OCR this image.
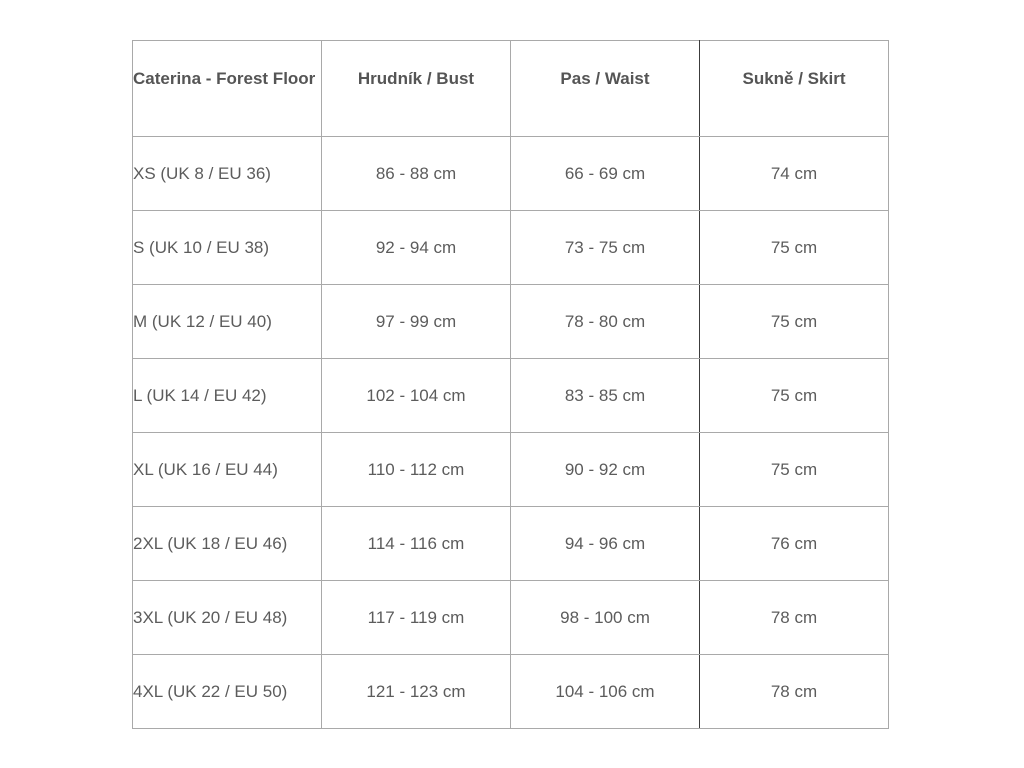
Caterina - Forest Floor	Hrudník / Bust	Pas / Waist	Sukně / Skirt
XS (UK 8 / EU 36)	86 - 88 cm	66 - 69 cm	74 cm
S (UK 10 / EU 38)	92 - 94 cm	73 - 75 cm	75 cm
M (UK 12 / EU 40)	97 - 99 cm	78 - 80 cm	75 cm
L (UK 14 / EU 42)	102 - 104 cm	83 - 85 cm	75 cm
XL (UK 16 / EU 44)	110 - 112 cm	90 - 92 cm	75 cm
2XL (UK 18 / EU 46)	114 - 116 cm	94 - 96 cm	76 cm
3XL (UK 20 / EU 48)	117 - 119 cm	98 - 100 cm	78 cm
4XL (UK 22 / EU 50)	121 - 123 cm	104 - 106 cm	78 cm
